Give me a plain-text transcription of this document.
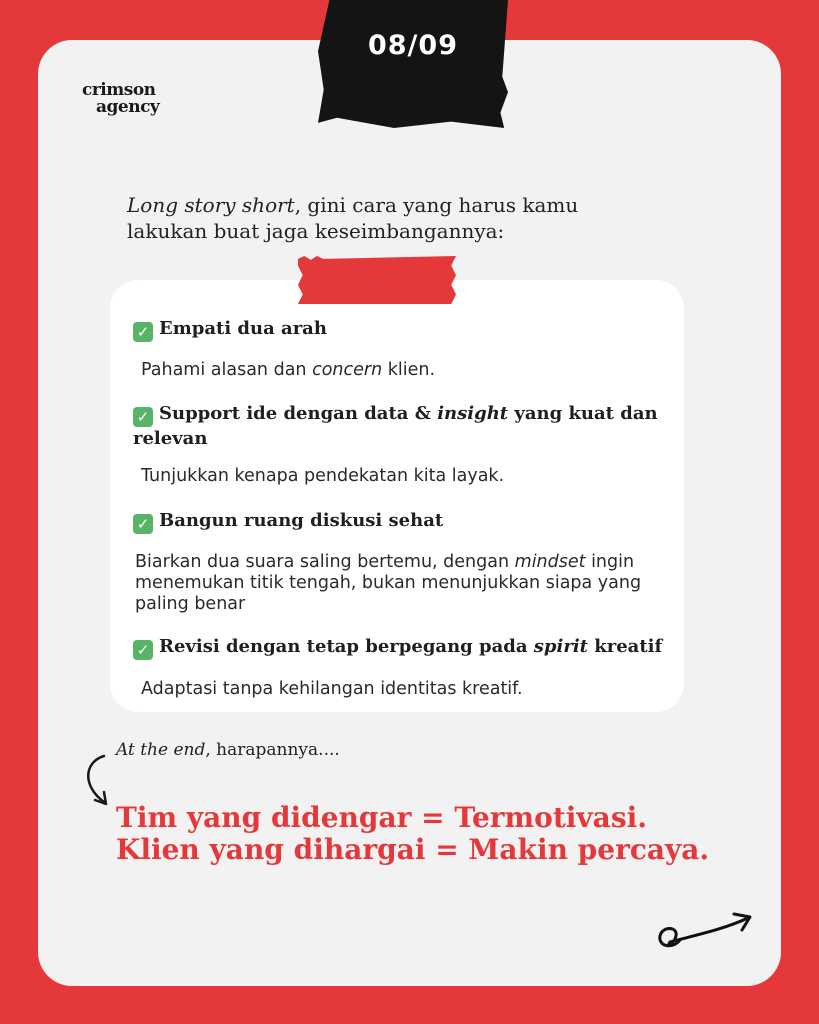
08/09
crimson
agency
Long story short, gini cara yang harus kamu
lakukan buat jaga keseimbangannya:
✓ Empati dua arah
Pahami alasan dan concern klien.
✓ Support ide dengan data & insight yang kuat dan relevan
Tunjukkan kenapa pendekatan kita layak.
✓ Bangun ruang diskusi sehat
Biarkan dua suara saling bertemu, dengan mindset ingin menemukan titik tengah, bukan menunjukkan siapa yang paling benar
✓ Revisi dengan tetap berpegang pada spirit kreatif
Adaptasi tanpa kehilangan identitas kreatif.
At the end, harapannya....
Tim yang didengar = Termotivasi.
Klien yang dihargai = Makin percaya.
